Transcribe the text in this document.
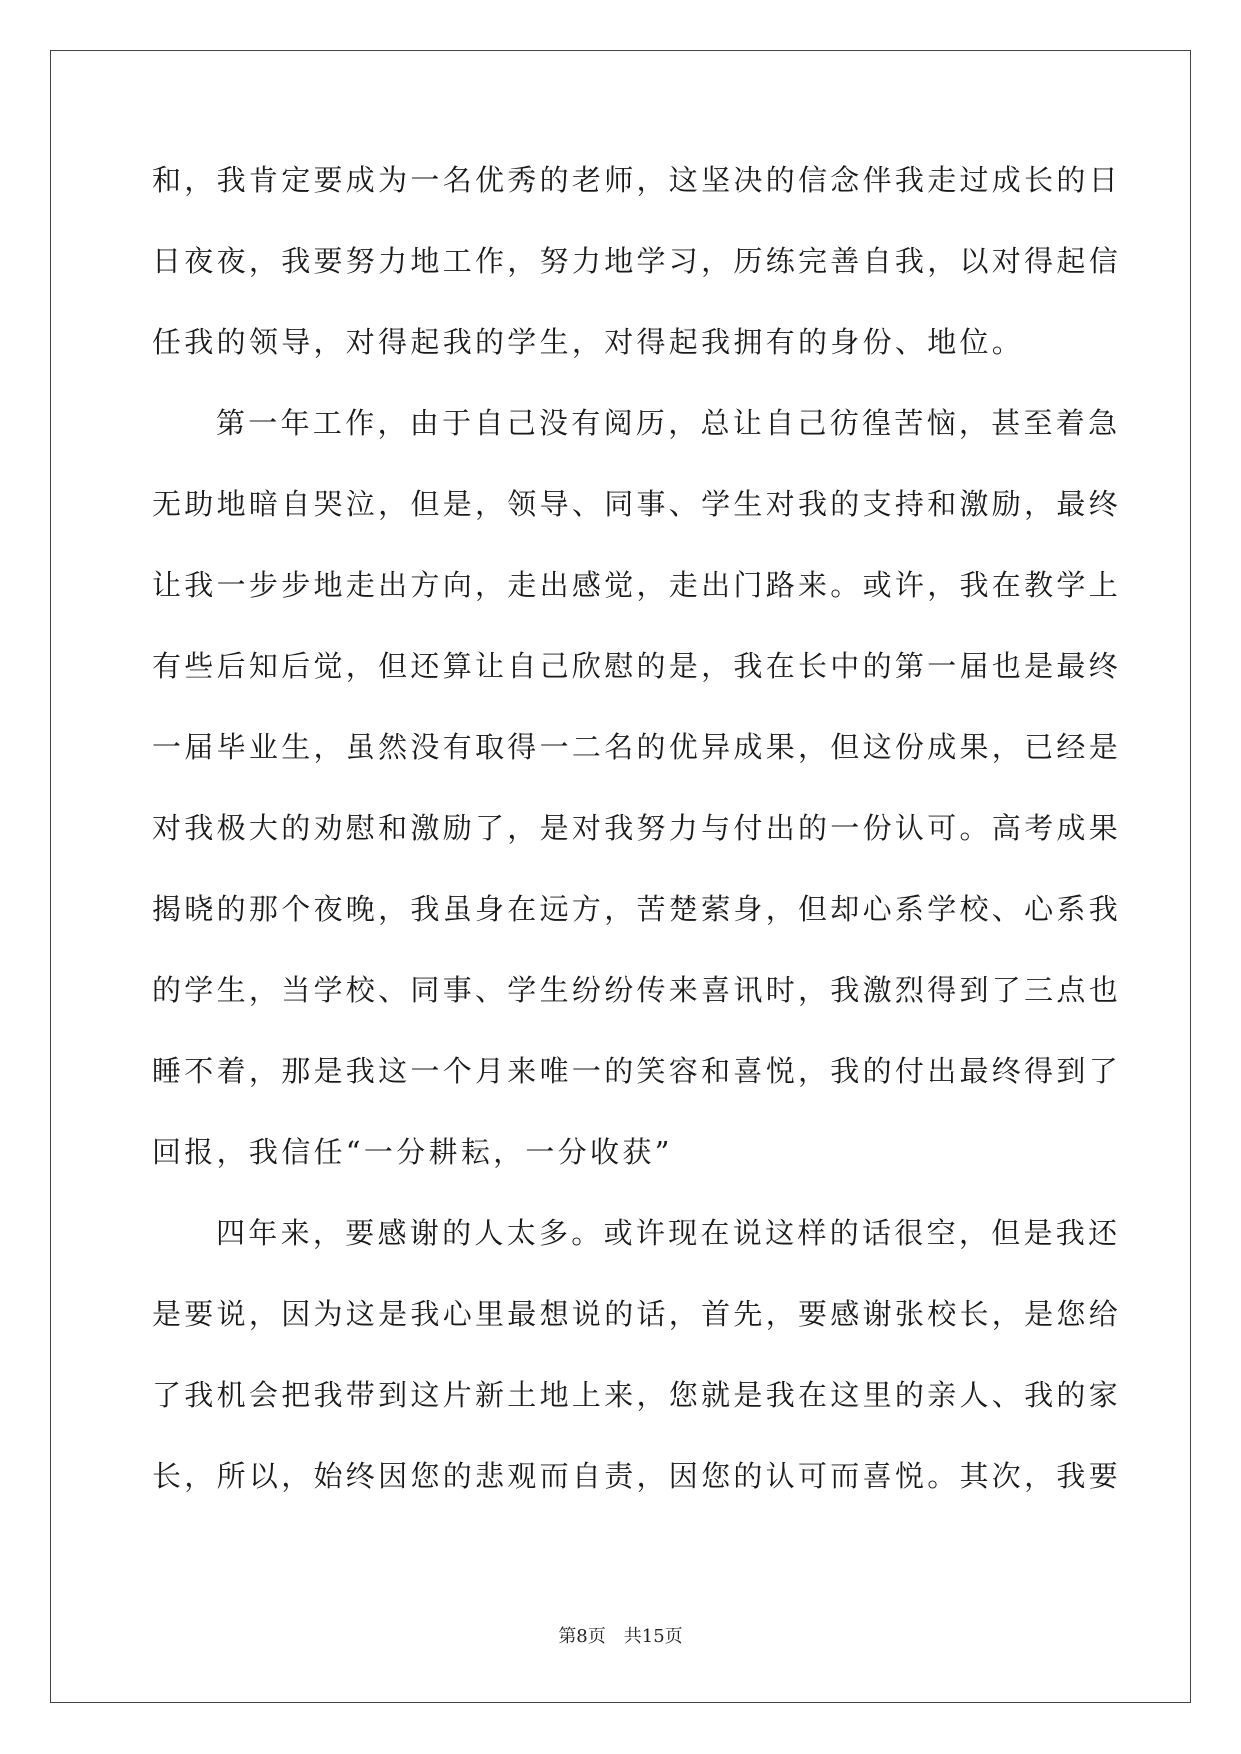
和，我肯定要成为一名优秀的老师，这坚决的信念伴我走过成长的日
日夜夜，我要努力地工作，努力地学习，历练完善自我，以对得起信
任我的领导，对得起我的学生，对得起我拥有的身份、地位。
第一年工作，由于自己没有阅历，总让自己彷徨苦恼，甚至着急
无助地暗自哭泣，但是，领导、同事、学生对我的支持和激励，最终
让我一步步地走出方向，走出感觉，走出门路来。或许，我在教学上
有些后知后觉，但还算让自己欣慰的是，我在长中的第一届也是最终
一届毕业生，虽然没有取得一二名的优异成果，但这份成果，已经是
对我极大的劝慰和激励了，是对我努力与付出的一份认可。高考成果
揭晓的那个夜晚，我虽身在远方，苦楚萦身，但却心系学校、心系我
的学生，当学校、同事、学生纷纷传来喜讯时，我激烈得到了三点也
睡不着，那是我这一个月来唯一的笑容和喜悦，我的付出最终得到了
回报，我信任“一分耕耘，一分收获”
四年来，要感谢的人太多。或许现在说这样的话很空，但是我还
是要说，因为这是我心里最想说的话，首先，要感谢张校长，是您给
了我机会把我带到这片新土地上来，您就是我在这里的亲人、我的家
长，所以，始终因您的悲观而自责，因您的认可而喜悦。其次，我要
第8页　共15页
